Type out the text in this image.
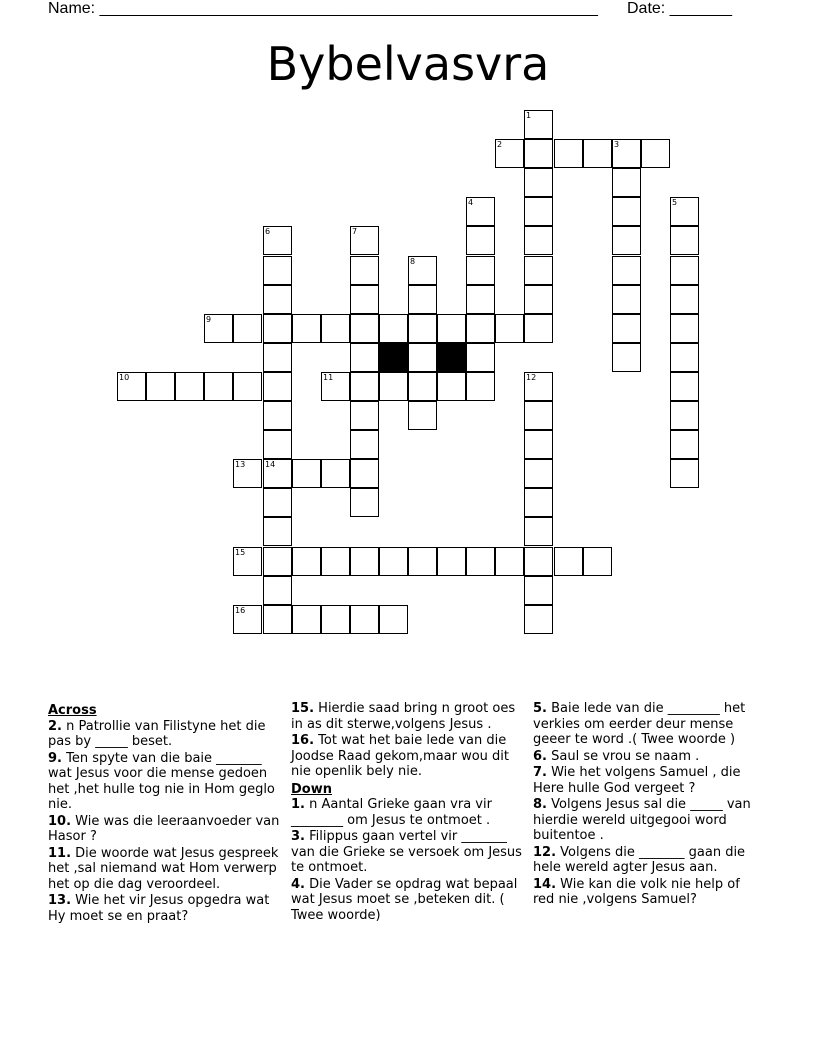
Name: ________________________________________________________ Date: _______
Bybelvasvra
2	3
9
10	11
13 14
15
16
1
4	5
6	7
8
12
Across
2. n Patrollie van Filistyne het die pas by _____ beset.
9. Ten spyte van die baie _______ wat Jesus voor die mense gedoen het ,het hulle tog nie in Hom geglo nie.
10. Wie was die leeraanvoeder van Hasor ?
11. Die woorde wat Jesus gespreek het ,sal niemand wat Hom verwerp het op die dag veroordeel.
13. Wie het vir Jesus opgedra wat Hy moet se en praat?
15. Hierdie saad bring n groot oes in as dit sterwe,volgens Jesus .
16. Tot wat het baie lede van die Joodse Raad gekom,maar wou dit nie openlik bely nie.
Down
1. n Aantal Grieke gaan vra vir ________ om Jesus te ontmoet .
3. Filippus gaan vertel vir _______ van die Grieke se versoek om Jesus te ontmoet.
4. Die Vader se opdrag wat bepaal wat Jesus moet se ,beteken dit. ( Twee woorde)
5. Baie lede van die ________ het verkies om eerder deur mense geeer te word .( Twee woorde )
6. Saul se vrou se naam .
7. Wie het volgens Samuel , die Here hulle God vergeet ?
8. Volgens Jesus sal die _____ van hierdie wereld uitgegooi word buitentoe .
12. Volgens die _______ gaan die hele wereld agter Jesus aan.
14. Wie kan die volk nie help of red nie ,volgens Samuel?
